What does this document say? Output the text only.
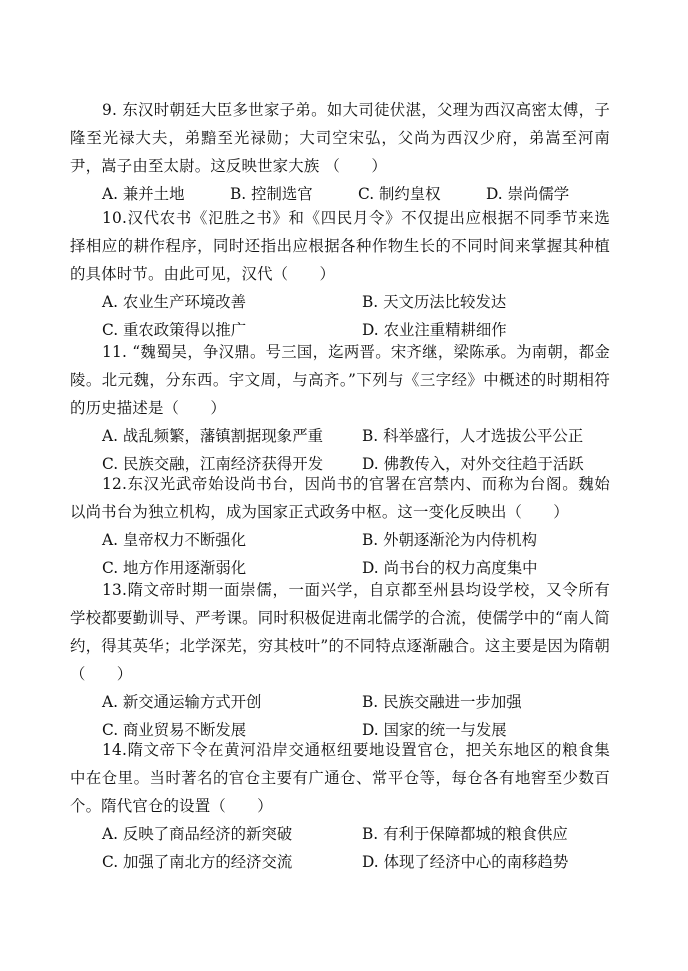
9. 东汉时朝廷大臣多世家子弟。如大司徒伏湛，父理为西汉高密太傅，子隆至光禄大夫，弟黯至光禄勋；大司空宋弘，父尚为西汉少府，弟嵩至河南尹，嵩子由至太尉。这反映世家大族 （　　）

A. 兼并土地	B. 控制选官	C. 制约皇权	D. 崇尚儒学

10.汉代农书《氾胜之书》和《四民月令》不仅提出应根据不同季节来选择相应的耕作程序，同时还指出应根据各种作物生长的不同时间来掌握其种植的具体时节。由此可见，汉代（　　）

A. 农业生产环境改善	B. 天文历法比较发达
C. 重农政策得以推广	D. 农业注重精耕细作

11. “魏蜀吴，争汉鼎。号三国，迄两晋。宋齐继，梁陈承。为南朝，都金陵。北元魏，分东西。宇文周，与高齐。”下列与《三字经》中概述的时期相符的历史描述是（　　）

A. 战乱频繁，藩镇割据现象严重	B. 科举盛行，人才选拔公平公正
C. 民族交融，江南经济获得开发	D. 佛教传入，对外交往趋于活跃

12.东汉光武帝始设尚书台，因尚书的官署在宫禁内、而称为台阁。魏始以尚书台为独立机构，成为国家正式政务中枢。这一变化反映出（　　）

A. 皇帝权力不断强化	B. 外朝逐渐沦为内侍机构
C. 地方作用逐渐弱化	D. 尚书台的权力高度集中

13.隋文帝时期一面崇儒，一面兴学，自京都至州县均设学校，又令所有学校都要勤训导、严考课。同时积极促进南北儒学的合流，使儒学中的“南人简约，得其英华；北学深芜，穷其枝叶”的不同特点逐渐融合。这主要是因为隋朝（　　）

A. 新交通运输方式开创	B. 民族交融进一步加强
C. 商业贸易不断发展	D. 国家的统一与发展

14.隋文帝下令在黄河沿岸交通枢纽要地设置官仓，把关东地区的粮食集中在仓里。当时著名的官仓主要有广通仓、常平仓等，每仓各有地窖至少数百个。隋代官仓的设置（　　）

A. 反映了商品经济的新突破	B. 有利于保障都城的粮食供应
C. 加强了南北方的经济交流	D. 体现了经济中心的南移趋势
